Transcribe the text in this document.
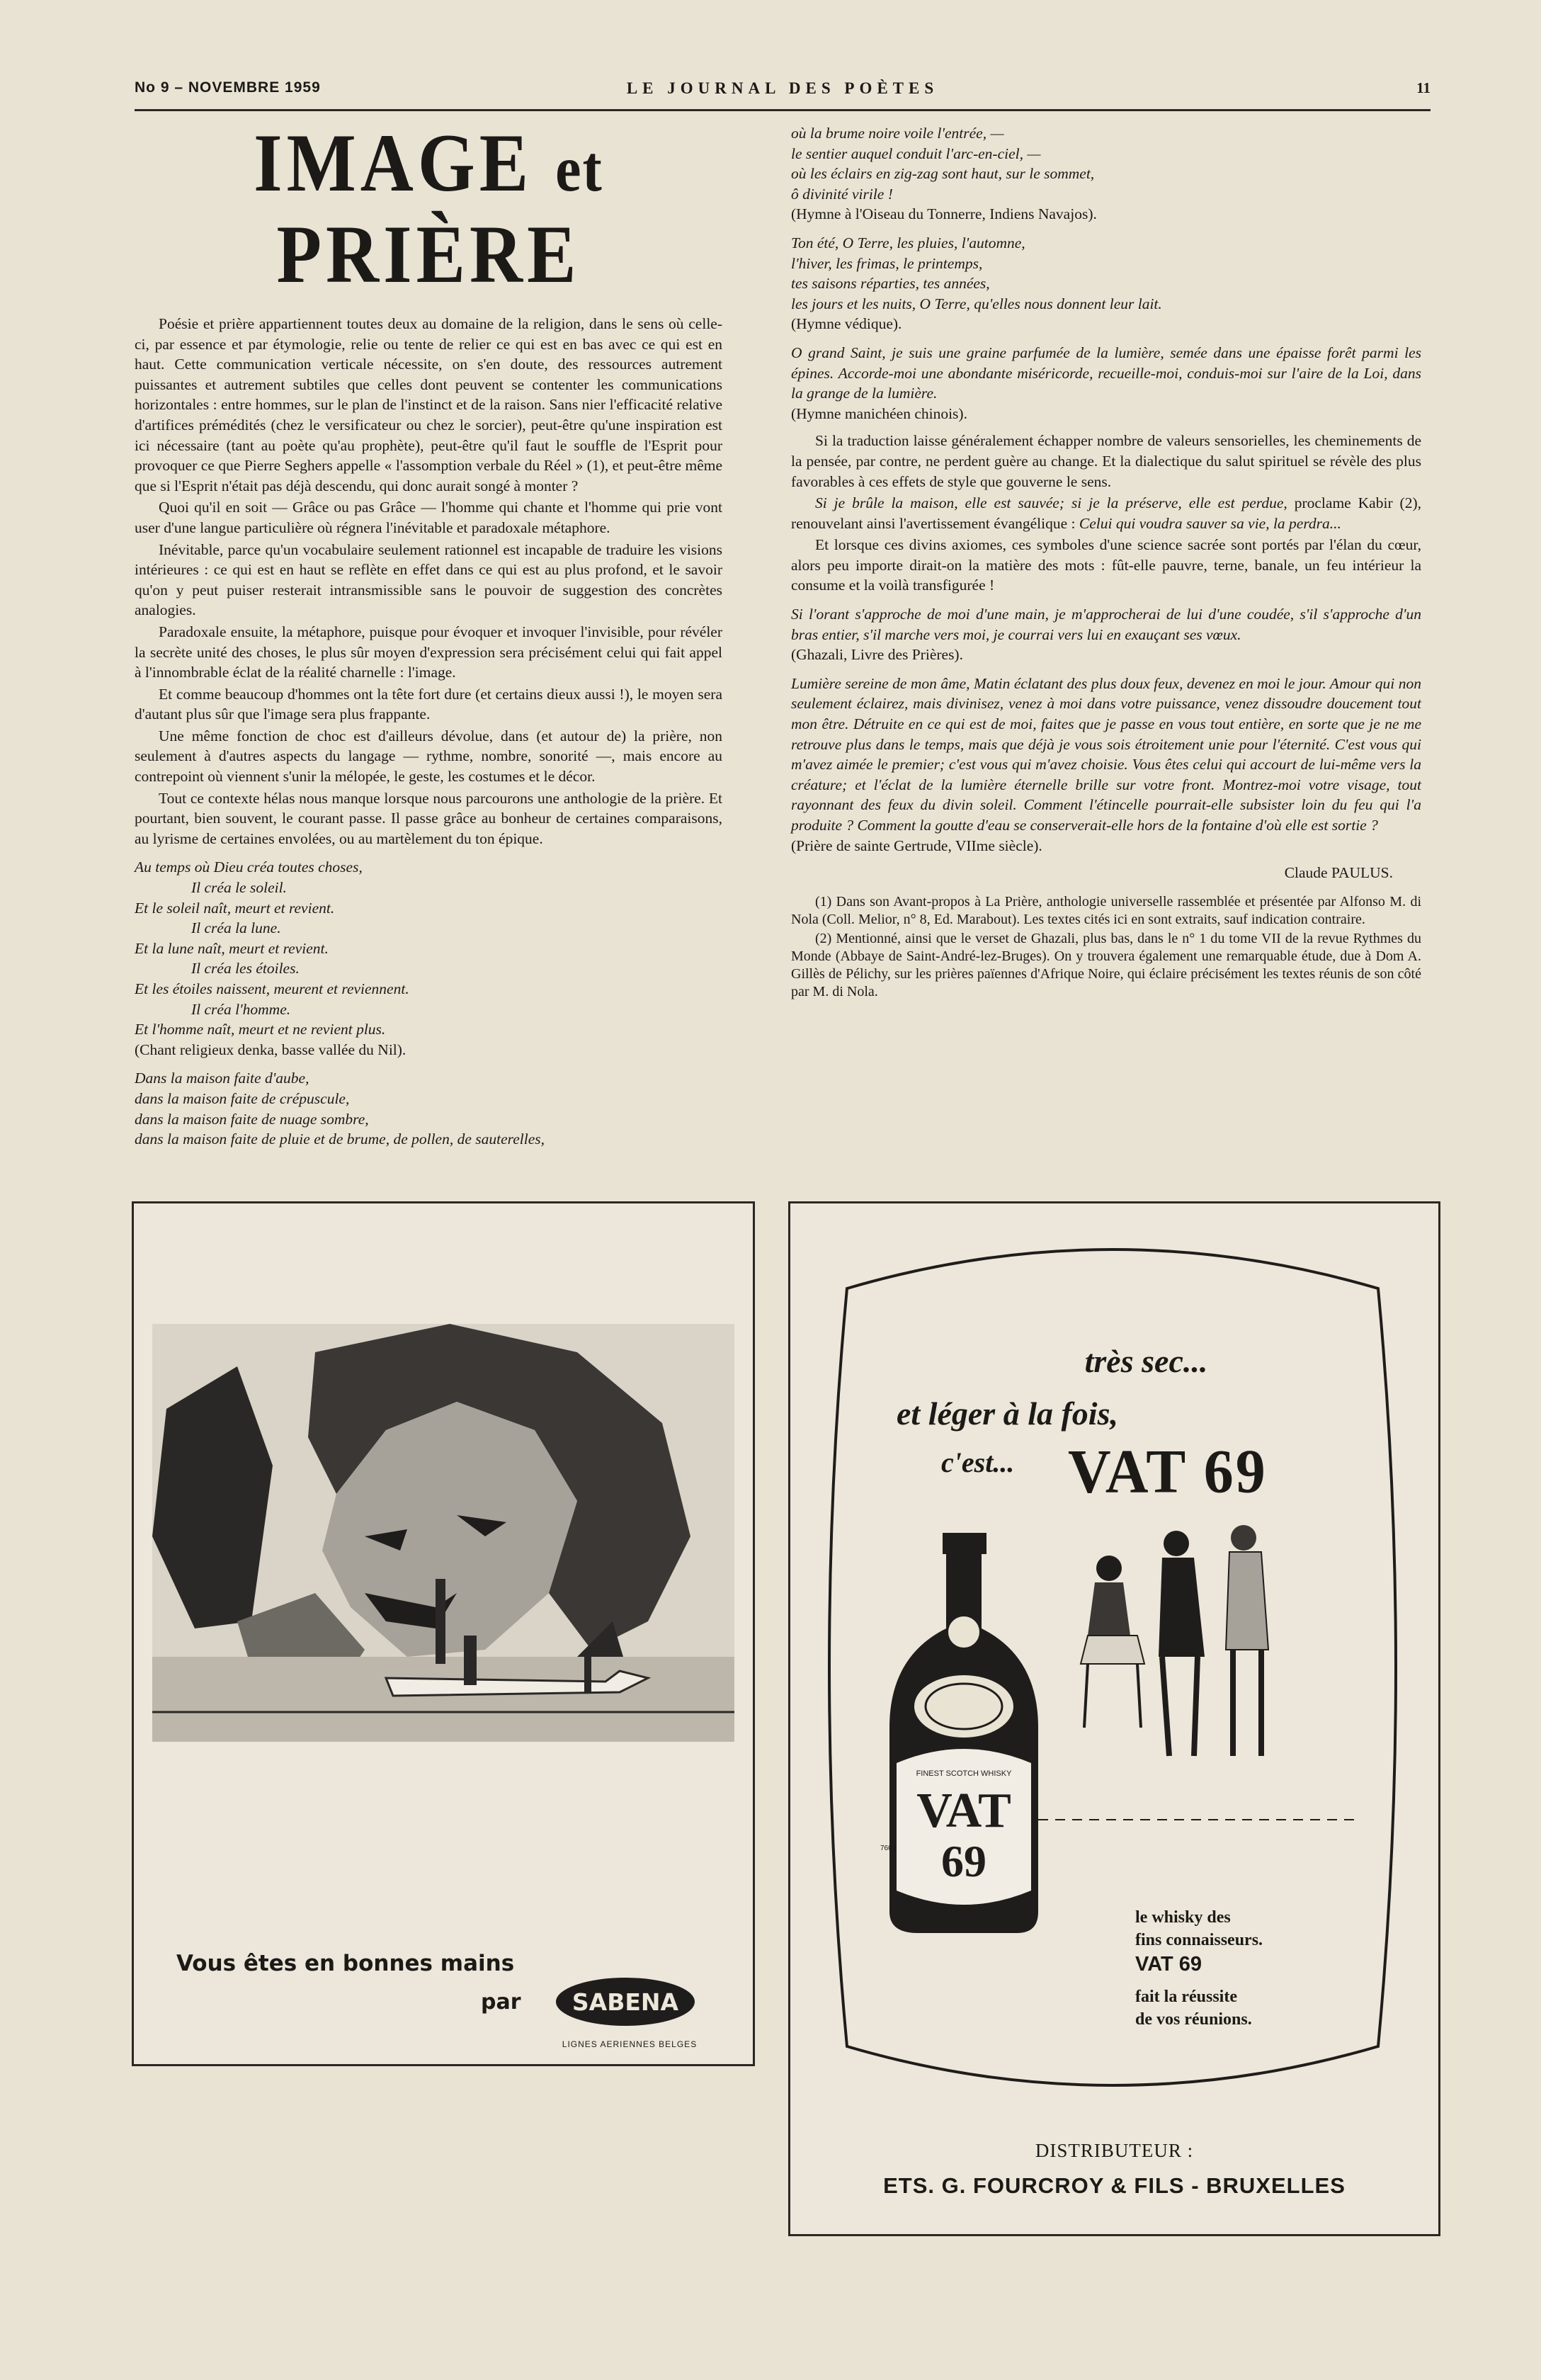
No 9 – NOVEMBRE 1959	LE JOURNAL DES POÈTES	11
IMAGE et PRIÈRE

Poésie et prière appartiennent toutes deux au domaine de la religion, dans le sens où celle-ci, par essence et par étymologie, relie ou tente de relier ce qui est en bas avec ce qui est en haut. Cette communication verticale nécessite, on s'en doute, des ressources autrement puissantes et autrement subtiles que celles dont peuvent se contenter les communications horizontales : entre hommes, sur le plan de l'instinct et de la raison. Sans nier l'efficacité relative d'artifices prémédités (chez le versificateur ou chez le sorcier), peut-être qu'une inspiration est ici nécessaire (tant au poète qu'au prophète), peut-être qu'il faut le souffle de l'Esprit pour provoquer ce que Pierre Seghers appelle « l'assomption verbale du Réel » (1), et peut-être même que si l'Esprit n'était pas déjà descendu, qui donc aurait songé à monter ?

Quoi qu'il en soit — Grâce ou pas Grâce — l'homme qui chante et l'homme qui prie vont user d'une langue particulière où régnera l'inévitable et paradoxale métaphore.

Inévitable, parce qu'un vocabulaire seulement rationnel est incapable de traduire les visions intérieures : ce qui est en haut se reflète en effet dans ce qui est au plus profond, et le savoir qu'on y peut puiser resterait intransmissible sans le pouvoir de suggestion des concrètes analogies.

Paradoxale ensuite, la métaphore, puisque pour évoquer et invoquer l'invisible, pour révéler la secrète unité des choses, le plus sûr moyen d'expression sera précisément celui qui fait appel à l'innombrable éclat de la réalité charnelle : l'image.

Et comme beaucoup d'hommes ont la tête fort dure (et certains dieux aussi !), le moyen sera d'autant plus sûr que l'image sera plus frappante.

Une même fonction de choc est d'ailleurs dévolue, dans (et autour de) la prière, non seulement à d'autres aspects du langage — rythme, nombre, sonorité —, mais encore au contrepoint où viennent s'unir la mélopée, le geste, les costumes et le décor.

Tout ce contexte hélas nous manque lorsque nous parcourons une anthologie de la prière. Et pourtant, bien souvent, le courant passe. Il passe grâce au bonheur de certaines comparaisons, au lyrisme de certaines envolées, ou au martèlement du ton épique.

Au temps où Dieu créa toutes choses,
Il créa le soleil.
Et le soleil naît, meurt et revient.
Il créa la lune.
Et la lune naît, meurt et revient.
Il créa les étoiles.
Et les étoiles naissent, meurent et reviennent.
Il créa l'homme.
Et l'homme naît, meurt et ne revient plus.
(Chant religieux denka, basse vallée du Nil).
Dans la maison faite d'aube,
dans la maison faite de crépuscule,
dans la maison faite de nuage sombre,
dans la maison faite de pluie et de brume, de pollen, de sauterelles,
où la brume noire voile l'entrée, —
le sentier auquel conduit l'arc-en-ciel, —
où les éclairs en zig-zag sont haut, sur le sommet,
ô divinité virile !
(Hymne à l'Oiseau du Tonnerre, Indiens Navajos).
Ton été, O Terre, les pluies, l'automne,
l'hiver, les frimas, le printemps,
tes saisons réparties, tes années,
les jours et les nuits, O Terre, qu'elles nous donnent leur lait.
(Hymne védique).
O grand Saint, je suis une graine parfumée de la lumière, semée dans une épaisse forêt parmi les épines. Accorde-moi une abondante miséricorde, recueille-moi, conduis-moi sur l'aire de la Loi, dans la grange de la lumière.
(Hymne manichéen chinois).

Si la traduction laisse généralement échapper nombre de valeurs sensorielles, les cheminements de la pensée, par contre, ne perdent guère au change. Et la dialectique du salut spirituel se révèle des plus favorables à ces effets de style que gouverne le sens.

Si je brûle la maison, elle est sauvée; si je la préserve, elle est perdue, proclame Kabir (2), renouvelant ainsi l'avertissement évangélique : Celui qui voudra sauver sa vie, la perdra...

Et lorsque ces divins axiomes, ces symboles d'une science sacrée sont portés par l'élan du cœur, alors peu importe dirait-on la matière des mots : fût-elle pauvre, terne, banale, un feu intérieur la consume et la voilà transfigurée !

Si l'orant s'approche de moi d'une main, je m'approcherai de lui d'une coudée, s'il s'approche d'un bras entier, s'il marche vers moi, je courrai vers lui en exauçant ses vœux.
(Ghazali, Livre des Prières).
Lumière sereine de mon âme, Matin éclatant des plus doux feux, devenez en moi le jour. Amour qui non seulement éclairez, mais divinisez, venez à moi dans votre puissance, venez dissoudre doucement tout mon être. Détruite en ce qui est de moi, faites que je passe en vous tout entière, en sorte que je ne me retrouve plus dans le temps, mais que déjà je vous sois étroitement unie pour l'éternité. C'est vous qui m'avez aimée le premier; c'est vous qui m'avez choisie. Vous êtes celui qui accourt de lui-même vers la créature; et l'éclat de la lumière éternelle brille sur votre front. Montrez-moi votre visage, tout rayonnant des feux du divin soleil. Comment l'étincelle pourrait-elle subsister loin du feu qui l'a produite ? Comment la goutte d'eau se conserverait-elle hors de la fontaine d'où elle est sortie ?
(Prière de sainte Gertrude, VIIme siècle).
Claude PAULUS.

(1) Dans son Avant-propos à La Prière, anthologie universelle rassemblée et présentée par Alfonso M. di Nola (Coll. Melior, n° 8, Ed. Marabout). Les textes cités ici en sont extraits, sauf indication contraire.

(2) Mentionné, ainsi que le verset de Ghazali, plus bas, dans le n° 1 du tome VII de la revue Rythmes du Monde (Abbaye de Saint-André-lez-Bruges). On y trouvera également une remarquable étude, due à Dom A. Gillès de Pélichy, sur les prières païennes d'Afrique Noire, qui éclaire précisément les textes réunis de son côté par M. di Nola.

Vous êtes en bonnes mains
par SABENA
LIGNES AERIENNES BELGES
très sec...
et léger à la fois,
c'est... VAT 69
FINEST SCOTCH WHISKY
VAT
69
7609
le whisky des
fins connaisseurs.
VAT 69
fait la réussite
de vos réunions.
DISTRIBUTEUR :
ETS. G. FOURCROY & FILS - BRUXELLES
